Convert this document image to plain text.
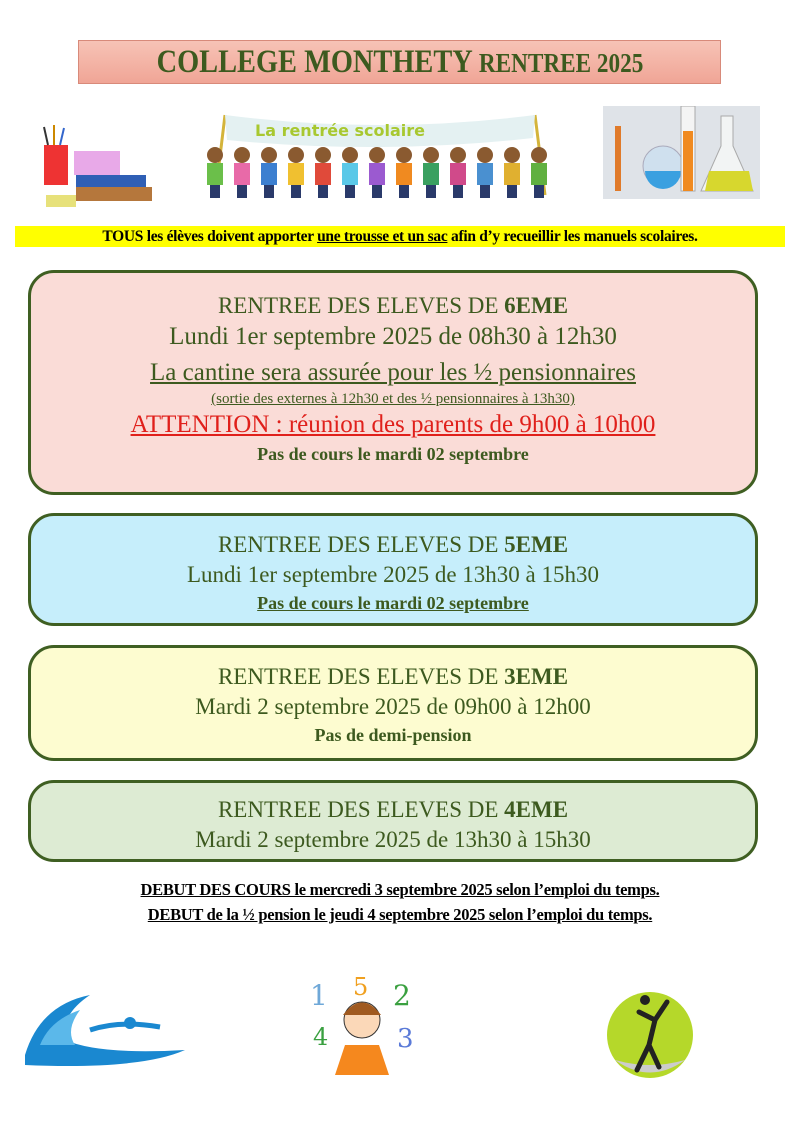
COLLEGE MONTHETY RENTREE 2025
La rentrée scolaire
TOUS les élèves doivent apporter une trousse et un sac afin d’y recueillir les manuels scolaires.
RENTREE DES ELEVES DE 6EME
Lundi 1er septembre 2025 de 08h30 à 12h30
La cantine sera assurée pour les ½ pensionnaires
(sortie des externes à 12h30 et des ½ pensionnaires à 13h30)
ATTENTION : réunion des parents de 9h00 à 10h00
Pas de cours le mardi 02 septembre
RENTREE DES ELEVES DE 5EME
Lundi 1er septembre 2025 de 13h30 à 15h30
Pas de cours le mardi 02 septembre
RENTREE DES ELEVES DE 3EME
Mardi 2 septembre 2025 de 09h00 à 12h00
Pas de demi-pension
RENTREE DES ELEVES DE 4EME
Mardi 2 septembre 2025 de 13h30 à 15h30
DEBUT DES COURS le mercredi 3 septembre 2025 selon l’emploi du temps.
DEBUT de la ½ pension le jeudi 4 septembre 2025 selon l’emploi du temps.
1 5 2
4	3
